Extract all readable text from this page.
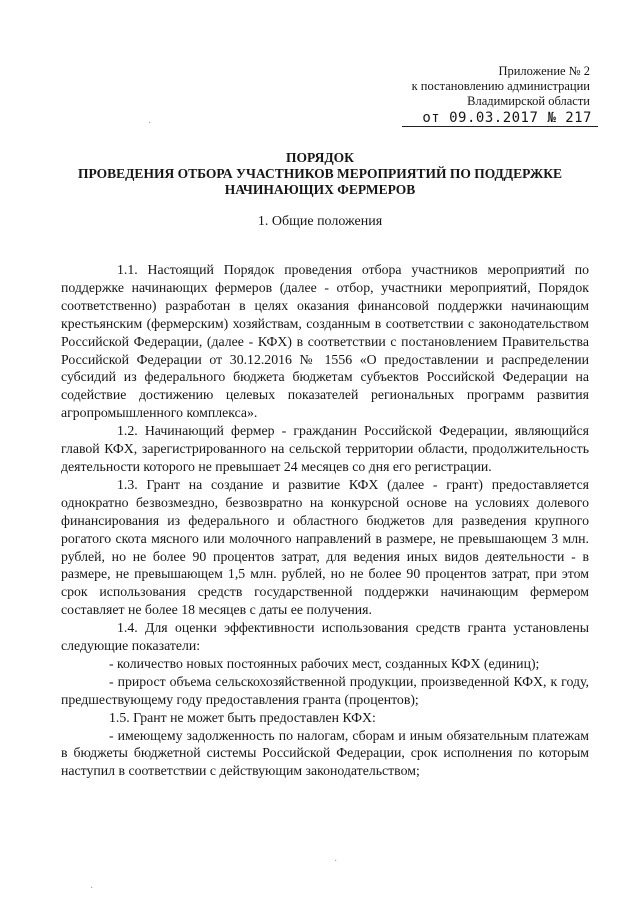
Приложение № 2
к постановлению администрации
Владимирской области
от 09.03.2017 № 217
ПОРЯДОК
ПРОВЕДЕНИЯ ОТБОРА УЧАСТНИКОВ МЕРОПРИЯТИЙ ПО ПОДДЕРЖКЕ
НАЧИНАЮЩИХ ФЕРМЕРОВ
1. Общие положения

1.1. Настоящий Порядок проведения отбора участников мероприятий по поддержке начинающих фермеров (далее - отбор, участники мероприятий, Порядок соответственно) разработан в целях оказания финансовой поддержки начинающим крестьянским (фермерским) хозяйствам, созданным в соответствии с законодательством Российской Федерации, (далее - КФХ) в соответствии с постановлением Правительства Российской Федерации от 30.12.2016 № 1556 «О предоставлении и распределении субсидий из федерального бюджета бюджетам субъектов Российской Федерации на содействие достижению целевых показателей региональных программ развития агропромышленного комплекса».

1.2. Начинающий фермер - гражданин Российской Федерации, являющийся главой КФХ, зарегистрированного на сельской территории области, продолжительность деятельности которого не превышает 24 месяцев со дня его регистрации.

1.3. Грант на создание и развитие КФХ (далее - грант) предоставляется однократно безвозмездно, безвозвратно на конкурсной основе на условиях долевого финансирования из федерального и областного бюджетов для разведения крупного рогатого скота мясного или молочного направлений в размере, не превышающем 3 млн. рублей, но не более 90 процентов затрат, для ведения иных видов деятельности - в размере, не превышающем 1,5 млн. рублей, но не более 90 процентов затрат, при этом срок использования средств государственной поддержки начинающим фермером составляет не более 18 месяцев с даты ее получения.

1.4. Для оценки эффективности использования средств гранта установлены следующие показатели:

- количество новых постоянных рабочих мест, созданных КФХ (единиц);

- прирост объема сельскохозяйственной продукции, произведенной КФХ, к году, предшествующему году предоставления гранта (процентов);

1.5. Грант не может быть предоставлен КФХ:

- имеющему задолженность по налогам, сборам и иным обязательным платежам в бюджеты бюджетной системы Российской Федерации, срок исполнения по которым наступил в соответствии с действующим законодательством;

·
·
·
